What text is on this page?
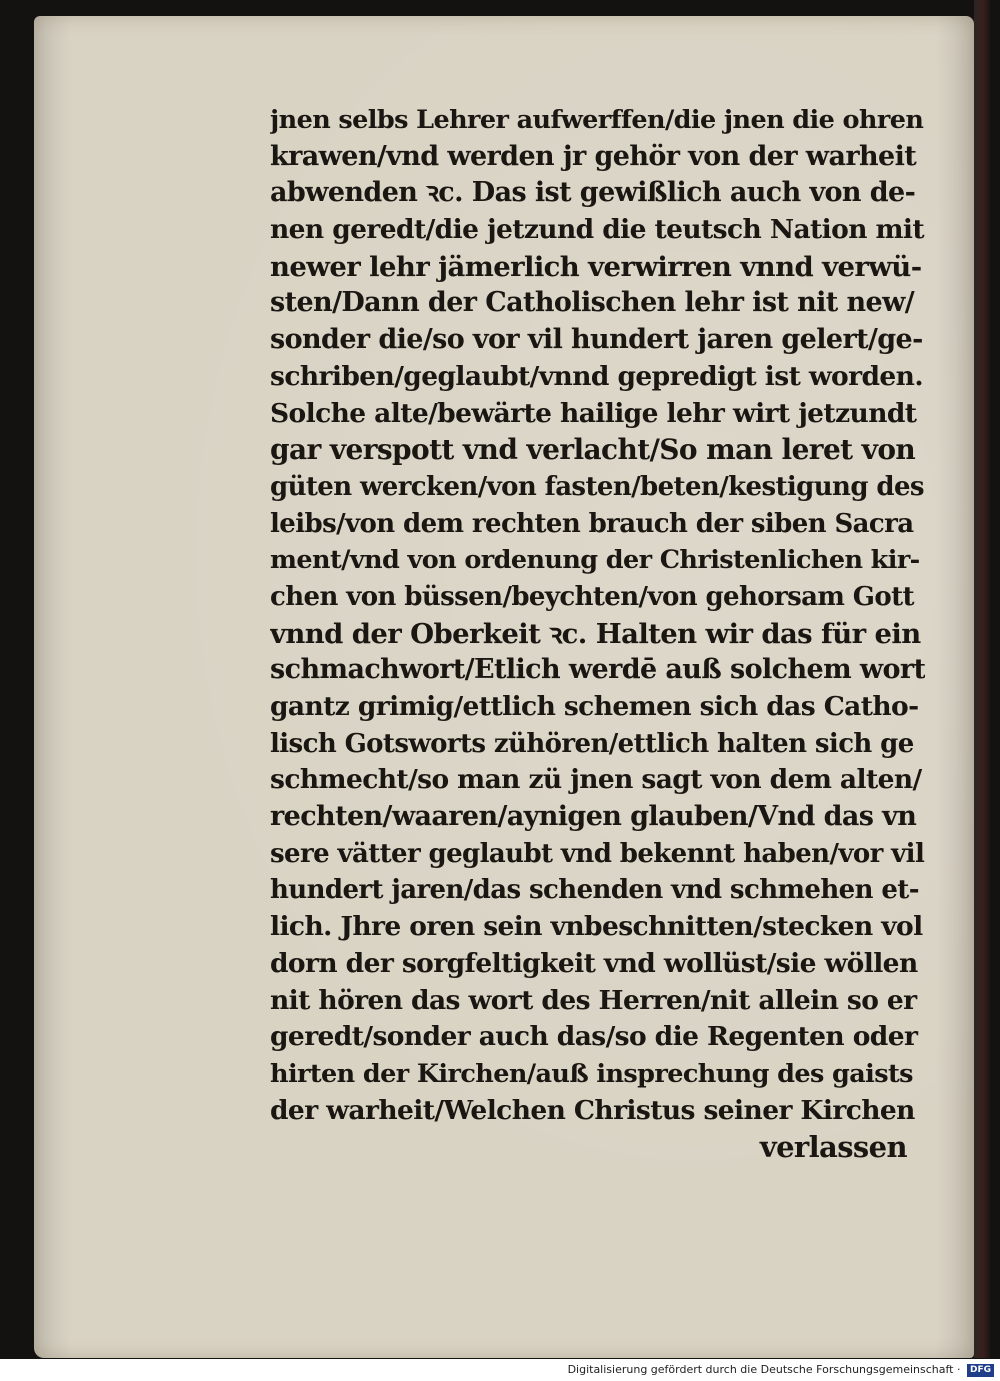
jnen selbs Lehrer aufwerffen/die jnen die ohren
krawen/vnd werden jr gehör von der warheit
abwenden ꝛc. Das ist gewißlich auch von de-
nen geredt/die jetzund die teutsch Nation mit
newer lehr jämerlich verwirren vnnd verwü-
sten/Dann der Catholischen lehr ist nit new/
sonder die/so vor vil hundert jaren gelert/ge-
schriben/geglaubt/vnnd gepredigt ist worden.
Solche alte/bewärte hailige lehr wirt jetzundt
gar verspott vnd verlacht/So man leret von
güten wercken/von fasten/beten/kestigung des
leibs/von dem rechten brauch der siben Sacra
ment/vnd von ordenung der Christenlichen kir-
chen von büssen/beychten/von gehorsam Gott
vnnd der Oberkeit ꝛc. Halten wir das für ein
schmachwort/Etlich werdē auß solchem wort
gantz grimig/ettlich schemen sich das Catho-
lisch Gotsworts zühören/ettlich halten sich ge
schmecht/so man zü jnen sagt von dem alten/
rechten/waaren/aynigen glauben/Vnd das vn
sere vätter geglaubt vnd bekennt haben/vor vil
hundert jaren/das schenden vnd schmehen et-
lich. Jhre oren sein vnbeschnitten/stecken vol
dorn der sorgfeltigkeit vnd wollüst/sie wöllen
nit hören das wort des Herren/nit allein so er
geredt/sonder auch das/so die Regenten oder
hirten der Kirchen/auß insprechung des gaists
der warheit/Welchen Christus seiner Kirchen
verlassen
Digitalisierung gefördert durch die Deutsche Forschungsgemeinschaft · DFG
